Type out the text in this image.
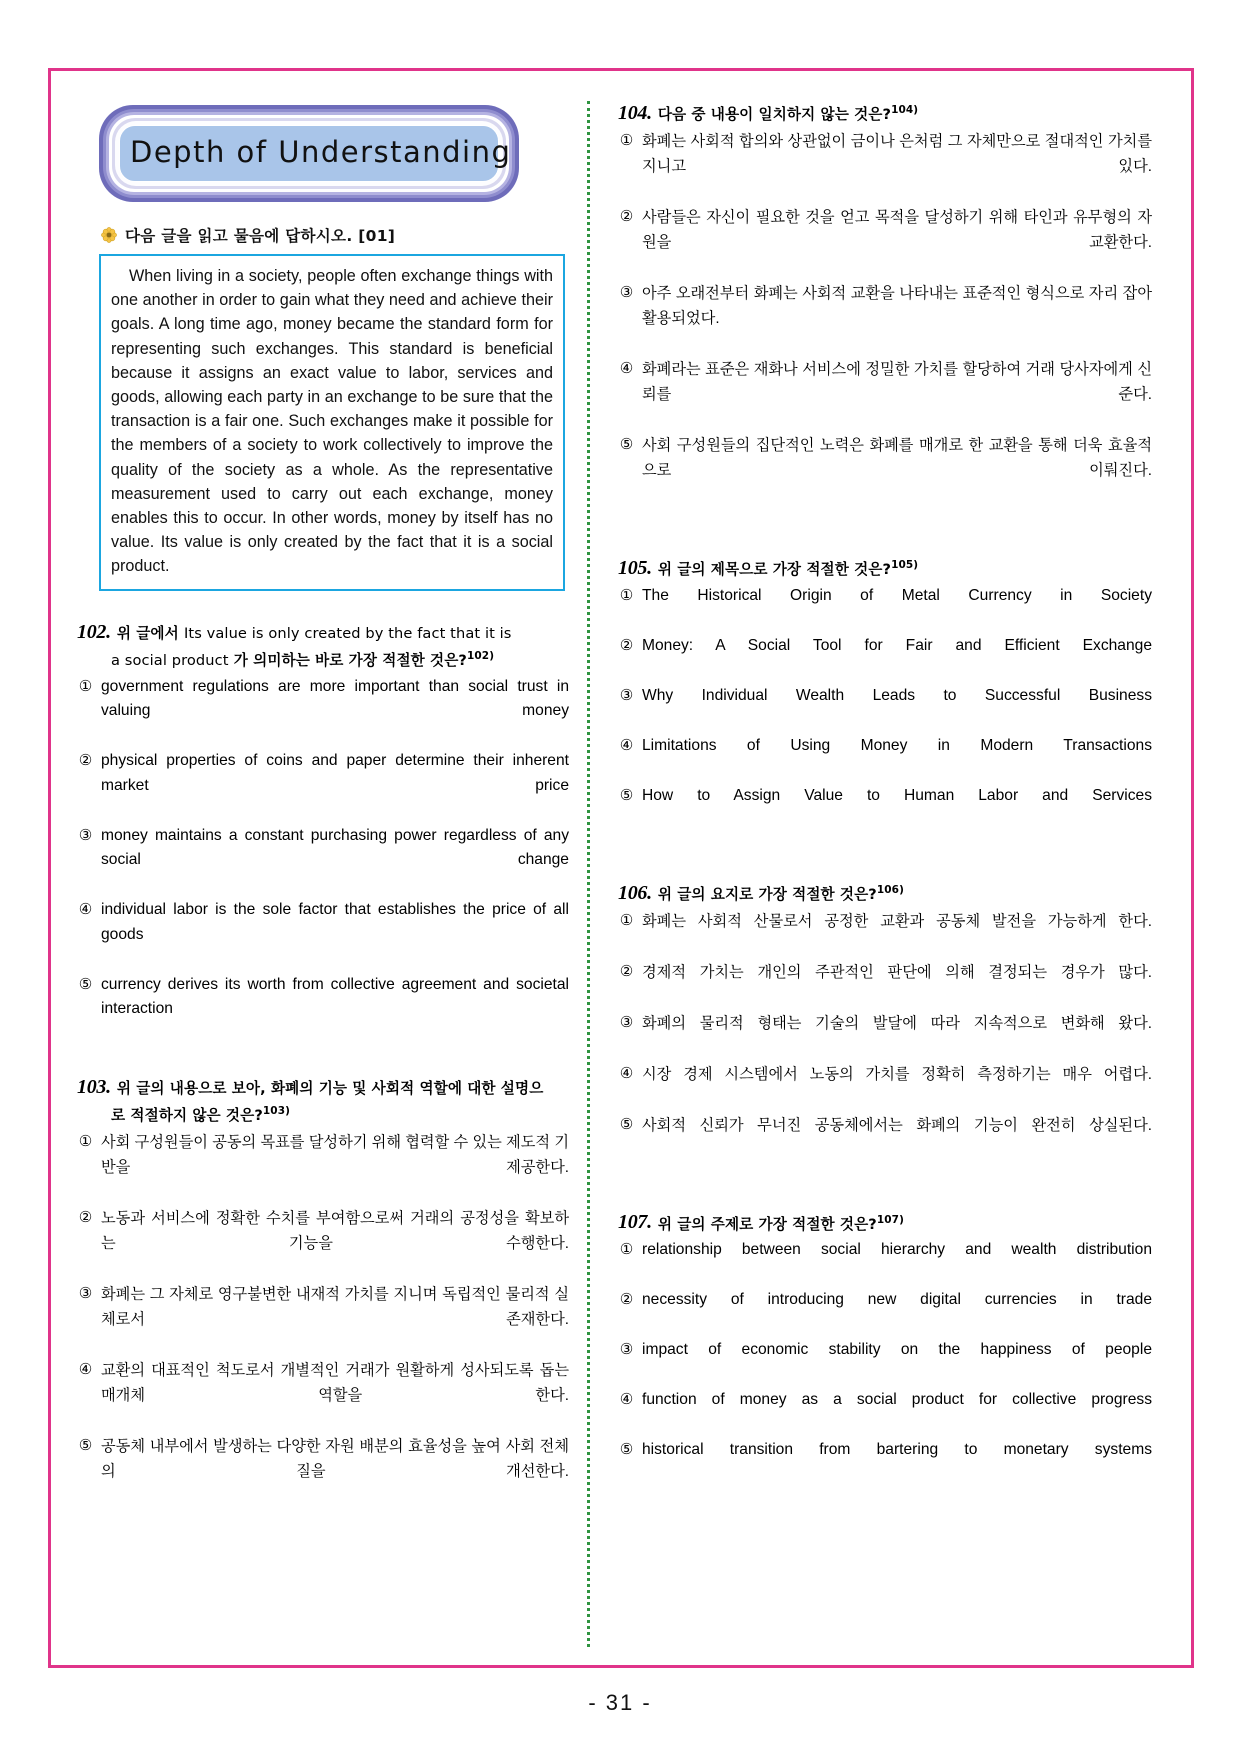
Depth of Understanding
다음 글을 읽고 물음에 답하시오. [01]

When living in a society, people often exchange things with one another in order to gain what they need and achieve their goals. A long time ago, money became the standard form for representing such exchanges. This standard is beneficial because it assigns an exact value to labor, services and goods, allowing each party in an exchange to be sure that the transaction is a fair one. Such exchanges make it possible for the members of a society to work collectively to improve the quality of the society as a whole. As the representative measurement used to carry out each exchange, money enables this to occur. In other words, money by itself has no value. Its value is only created by the fact that it is a social product.

102. 위 글에서 Its value is only created by the fact that it is
a social product 가 의미하는 바로 가장 적절한 것은?$^{102)}$
① government regulations are more important than social trust in valuing money
② physical properties of coins and paper determine their inherent market price
③ money maintains a constant purchasing power regardless of any social change
④ individual labor is the sole factor that establishes the price of all goods
⑤ currency derives its worth from collective agreement and societal interaction
103. 위 글의 내용으로 보아, 화폐의 기능 및 사회적 역할에 대한 설명으
로 적절하지 않은 것은?$^{103)}$
① 사회 구성원들이 공동의 목표를 달성하기 위해 협력할 수 있는 제도적 기반을 제공한다.
② 노동과 서비스에 정확한 수치를 부여함으로써 거래의 공정성을 확보하는 기능을 수행한다.
③ 화폐는 그 자체로 영구불변한 내재적 가치를 지니며 독립적인 물리적 실체로서 존재한다.
④ 교환의 대표적인 척도로서 개별적인 거래가 원활하게 성사되도록 돕는 매개체 역할을 한다.
⑤ 공동체 내부에서 발생하는 다양한 자원 배분의 효율성을 높여 사회 전체의 질을 개선한다.
104. 다음 중 내용이 일치하지 않는 것은?$^{104)}$
① 화폐는 사회적 합의와 상관없이 금이나 은처럼 그 자체만으로 절대적인 가치를 지니고 있다.
② 사람들은 자신이 필요한 것을 얻고 목적을 달성하기 위해 타인과 유무형의 자원을 교환한다.
③ 아주 오래전부터 화폐는 사회적 교환을 나타내는 표준적인 형식으로 자리 잡아 활용되었다.
④ 화폐라는 표준은 재화나 서비스에 정밀한 가치를 할당하여 거래 당사자에게 신뢰를 준다.
⑤ 사회 구성원들의 집단적인 노력은 화폐를 매개로 한 교환을 통해 더욱 효율적으로 이뤄진다.
105. 위 글의 제목으로 가장 적절한 것은?$^{105)}$
① The Historical Origin of Metal Currency in Society
② Money: A Social Tool for Fair and Efficient Exchange
③ Why Individual Wealth Leads to Successful Business
④ Limitations of Using Money in Modern Transactions
⑤ How to Assign Value to Human Labor and Services
106. 위 글의 요지로 가장 적절한 것은?$^{106)}$
① 화폐는 사회적 산물로서 공정한 교환과 공동체 발전을 가능하게 한다.
② 경제적 가치는 개인의 주관적인 판단에 의해 결정되는 경우가 많다.
③ 화폐의 물리적 형태는 기술의 발달에 따라 지속적으로 변화해 왔다.
④ 시장 경제 시스템에서 노동의 가치를 정확히 측정하기는 매우 어렵다.
⑤ 사회적 신뢰가 무너진 공동체에서는 화폐의 기능이 완전히 상실된다.
107. 위 글의 주제로 가장 적절한 것은?$^{107)}$
① relationship between social hierarchy and wealth distribution
② necessity of introducing new digital currencies in trade
③ impact of economic stability on the happiness of people
④ function of money as a social product for collective progress
⑤ historical transition from bartering to monetary systems
- 31 -
